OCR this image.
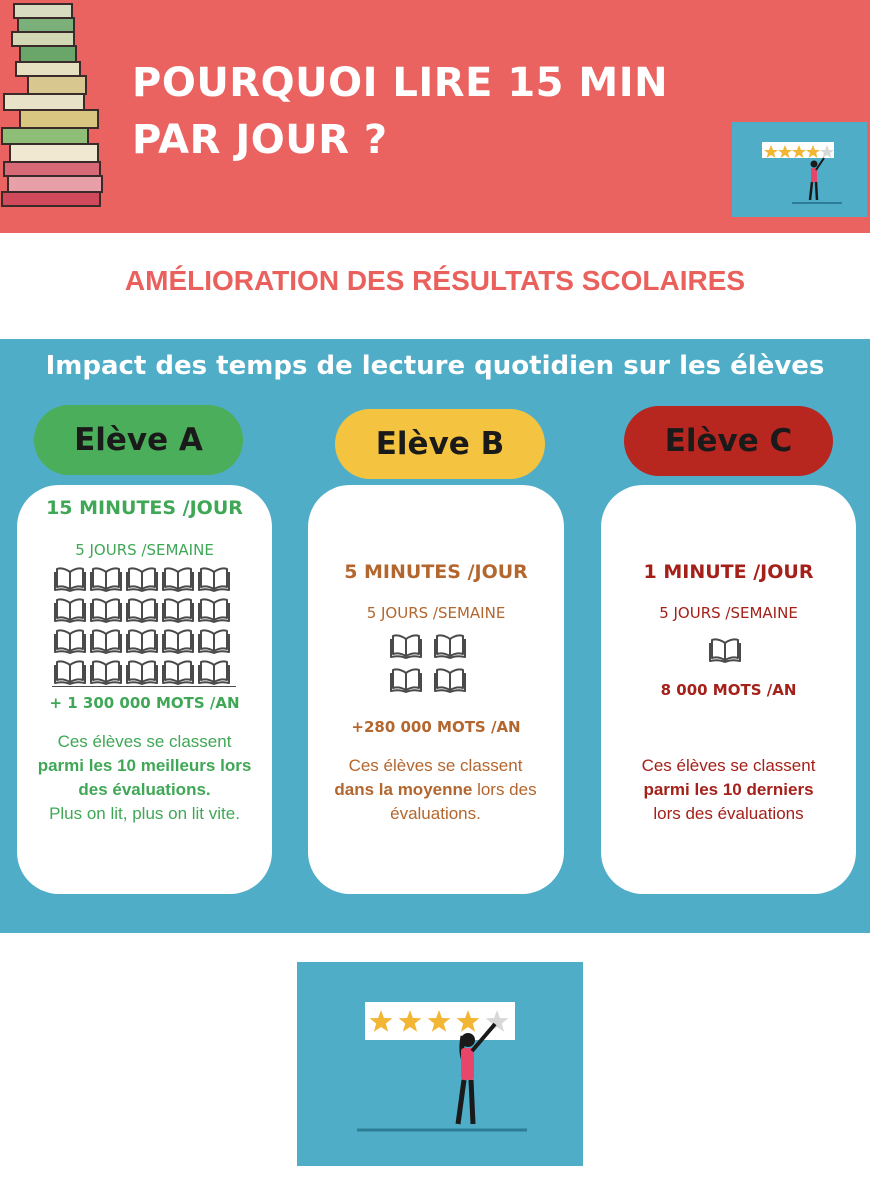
POURQUOI LIRE 15 MIN
PAR JOUR ?
AMÉLIORATION DES RÉSULTATS SCOLAIRES
Impact des temps de lecture quotidien sur les élèves
Elève A	Elève B	Elève C
15 MINUTES /JOUR
5 JOURS /SEMAINE
+ 1 300 000 MOTS /AN
Ces élèves se classent
parmi les 10 meilleurs lors des évaluations.
Plus on lit, plus on lit vite.
5 MINUTES /JOUR
5 JOURS /SEMAINE
+280 000 MOTS /AN
Ces élèves se classent
dans la moyenne lors des évaluations.
1 MINUTE /JOUR
5 JOURS /SEMAINE
8 000 MOTS /AN
Ces élèves se classent
parmi les 10 derniers
lors des évaluations
